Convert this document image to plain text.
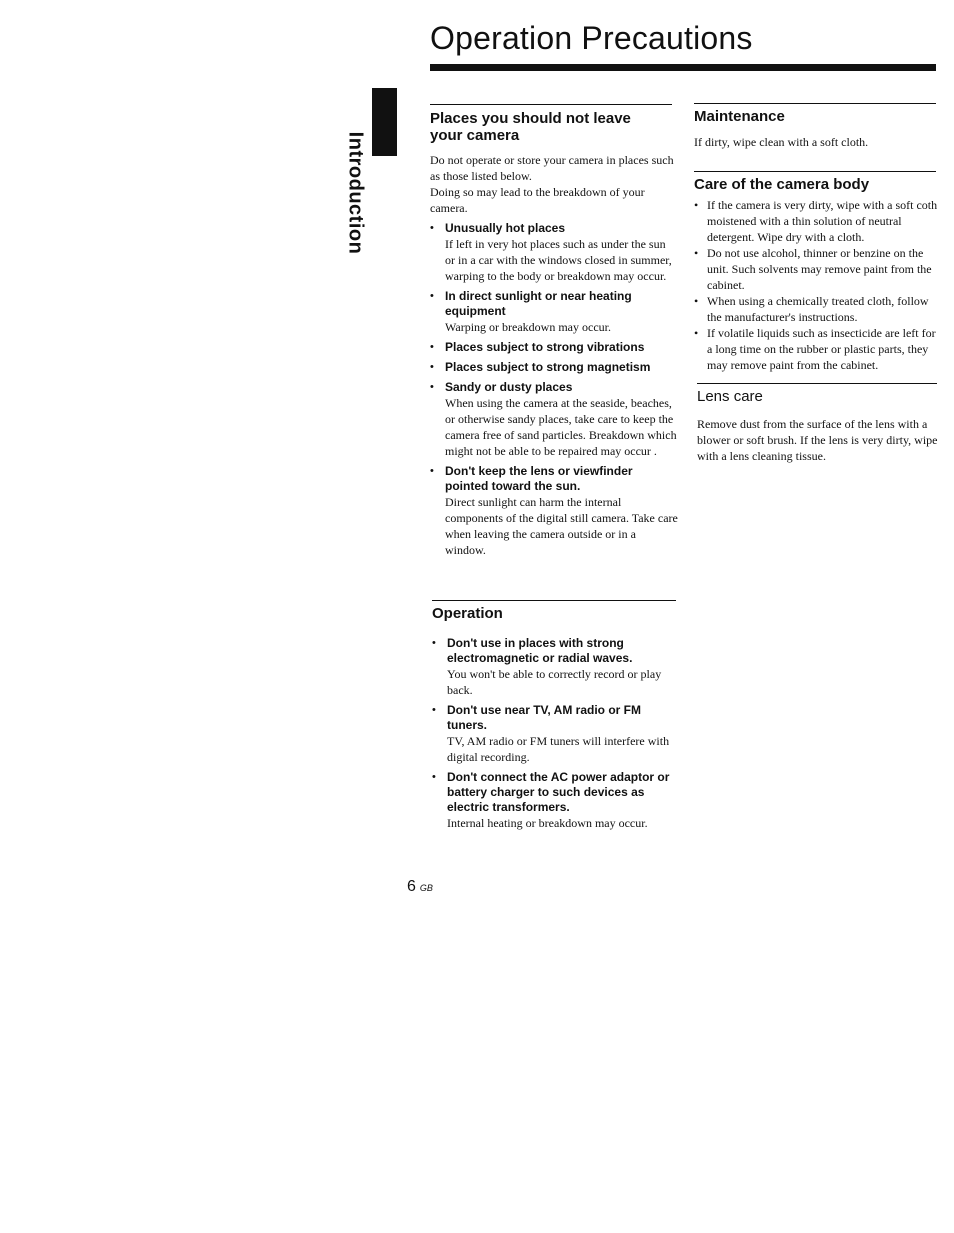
Operation Precautions
Introduction
Places you should not leave your camera

Do not operate or store your camera in places such as those listed below.

Doing so may lead to the breakdown of your camera.

• Unusually hot places
If left in very hot places such as under the sun or in a car with the windows closed in summer, warping to the body or breakdown may occur.
• In direct sunlight or near heating equipment
Warping or breakdown may occur.
• Places subject to strong vibrations
• Places subject to strong magnetism
• Sandy or dusty places
When using the camera at the seaside, beaches, or otherwise sandy places, take care to keep the camera free of sand particles. Breakdown which might not be able to be repaired may occur .
• Don't keep the lens or viewfinder pointed toward the sun.
Direct sunlight can harm the internal components of the digital still camera. Take care when leaving the camera outside or in a window.
Operation
• Don't use in places with strong electromagnetic or radial waves.
You won't be able to correctly record or play back.
• Don't use near TV, AM radio or FM tuners.
TV, AM radio or FM tuners will interfere with digital recording.
• Don't connect the AC power adaptor or battery charger to such devices as electric transformers.
Internal heating or breakdown may occur.
Maintenance

If dirty, wipe clean with a soft cloth.

Care of the camera body
• If the camera is very dirty, wipe with a soft coth moistened with a thin solution of neutral detergent. Wipe dry with a cloth.
• Do not use alcohol, thinner or benzine on the unit. Such solvents may remove paint from the cabinet.
• When using a chemically treated cloth, follow the manufacturer's instructions.
• If volatile liquids such as insecticide are left for a long time on the rubber or plastic parts, they may remove paint from the cabinet.
Lens care

Remove dust from the surface of the lens with a blower or soft brush. If the lens is very dirty, wipe with a lens cleaning tissue.

6 GB
